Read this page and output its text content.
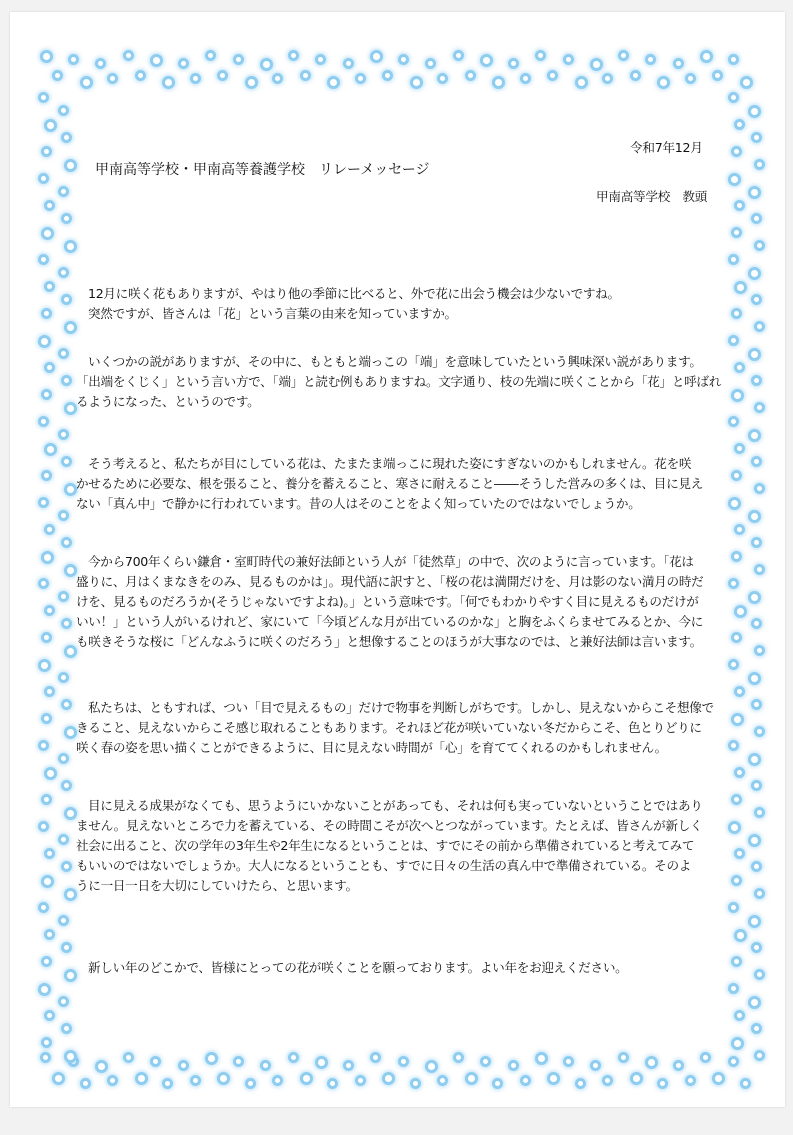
令和7年12月
甲南高等学校・甲南高等養護学校　リレーメッセージ
甲南高等学校　教頭
12月に咲く花もありますが、やはり他の季節に比べると、外で花に出会う機会は少ないですね。
突然ですが、皆さんは「花」という言葉の由来を知っていますか。
いくつかの説がありますが、その中に、もともと端っこの「端」を意味していたという興味深い説があります。
「出端をくじく」という言い方で、「端」と読む例もありますね。文字通り、枝の先端に咲くことから「花」と呼ばれ
るようになった、というのです。
そう考えると、私たちが目にしている花は、たまたま端っこに現れた姿にすぎないのかもしれません。花を咲
かせるために必要な、根を張ること、養分を蓄えること、寒さに耐えること――そうした営みの多くは、目に見え
ない「真ん中」で静かに行われています。昔の人はそのことをよく知っていたのではないでしょうか。
今から700年くらい鎌倉・室町時代の兼好法師という人が「徒然草」の中で、次のように言っています。「花は
盛りに、月はくまなきをのみ、見るものかは」。現代語に訳すと、「桜の花は満開だけを、月は影のない満月の時だ
けを、見るものだろうか(そうじゃないですよね)。」という意味です。「何でもわかりやすく目に見えるものだけが
いい！」という人がいるけれど、家にいて「今頃どんな月が出ているのかな」と胸をふくらませてみるとか、今に
も咲きそうな桜に「どんなふうに咲くのだろう」と想像することのほうが大事なのでは、と兼好法師は言います。
私たちは、ともすれば、つい「目で見えるもの」だけで物事を判断しがちです。しかし、見えないからこそ想像で
きること、見えないからこそ感じ取れることもあります。それほど花が咲いていない冬だからこそ、色とりどりに
咲く春の姿を思い描くことができるように、目に見えない時間が「心」を育ててくれるのかもしれません。
目に見える成果がなくても、思うようにいかないことがあっても、それは何も実っていないということではあり
ません。見えないところで力を蓄えている、その時間こそが次へとつながっています。たとえば、皆さんが新しく
社会に出ること、次の学年の3年生や2年生になるということは、すでにその前から準備されていると考えてみて
もいいのではないでしょうか。大人になるということも、すでに日々の生活の真ん中で準備されている。そのよ
うに一日一日を大切にしていけたら、と思います。
新しい年のどこかで、皆様にとっての花が咲くことを願っております。よい年をお迎えください。
